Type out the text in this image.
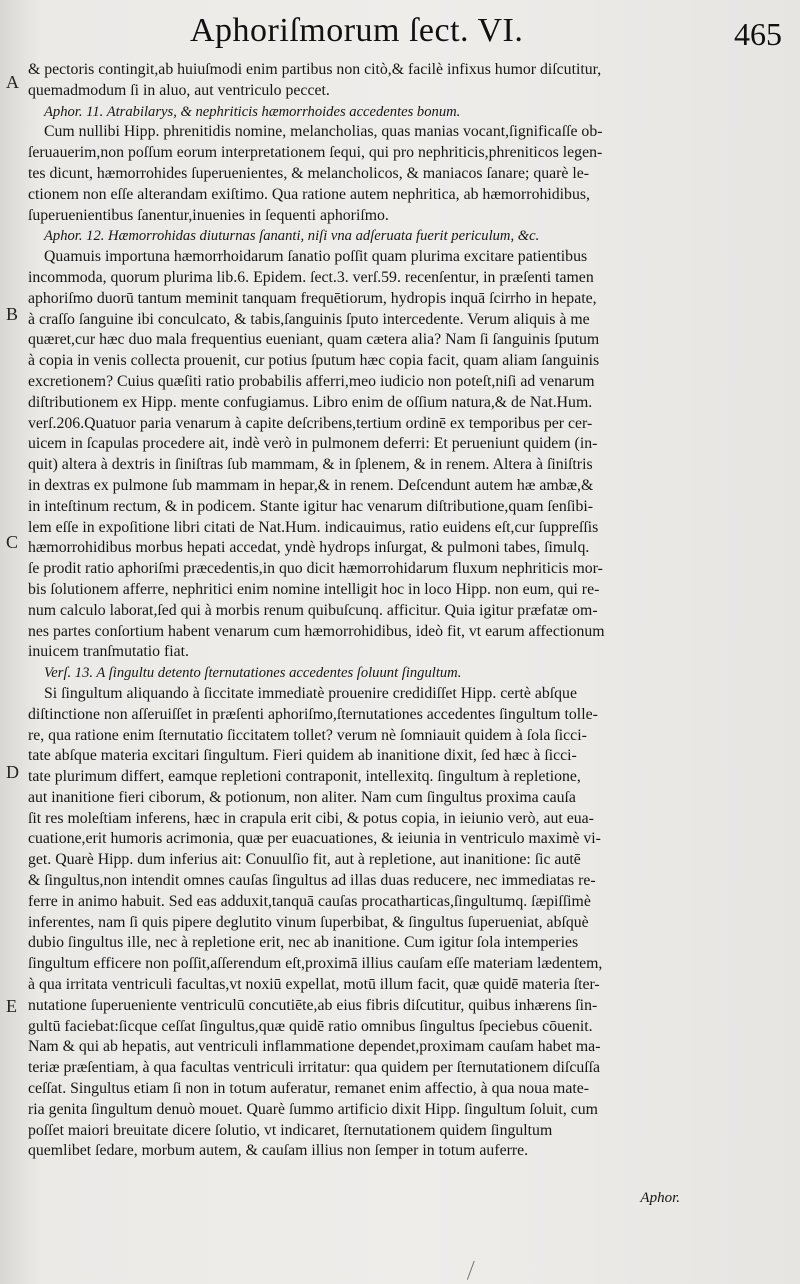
Aphoriſmorum ſect. VI.	465
A
B
C
D
E
& pectoris contingit,ab huiuſmodi enim partibus non citò,& facilè infixus humor diſcutitur,
quemadmodum ſi in aluo, aut ventriculo peccet.
Aphor. 11. Atrabilarys, & nephriticis hæmorrhoides accedentes bonum.
Cum nullibi Hipp. phrenitidis nomine, melancholias, quas manias vocant,ſignificaſſe ob-
ſeruauerim,non poſſum eorum interpretationem ſequi, qui pro nephriticis,phreniticos legen-
tes dicunt, hæmorrohides ſuperuenientes, & melancholicos, & maniacos ſanare; quarè le-
ctionem non eſſe alterandam exiſtimo. Qua ratione autem nephritica, ab hæmorrohidibus,
ſuperuenientibus ſanentur,inuenies in ſequenti aphoriſmo.
Aphor. 12. Hæmorrohidas diuturnas ſananti, niſi vna adſeruata fuerit periculum, &c.
Quamuis importuna hæmorrhoidarum ſanatio poſſit quam plurima excitare patientibus
incommoda, quorum plurima lib.6. Epidem. ſect.3. verſ.59. recenſentur, in præſenti tamen
aphoriſmo duorū tantum meminit tanquam frequētiorum, hydropis inquā ſcirrho in hepate,
à craſſo ſanguine ibi conculcato, & tabis,ſanguinis ſputo intercedente. Verum aliquis à me
quæret,cur hæc duo mala frequentius eueniant, quam cætera alia? Nam ſi ſanguinis ſputum
à copia in venis collecta prouenit, cur potius ſputum hæc copia facit, quam aliam ſanguinis
excretionem? Cuius quæſiti ratio probabilis afferri,meo iudicio non poteſt,niſi ad venarum
diſtributionem ex Hipp. mente confugiamus. Libro enim de oſſium natura,& de Nat.Hum.
verſ.206.Quatuor paria venarum à capite deſcribens,tertium ordinē ex temporibus per cer-
uicem in ſcapulas procedere ait, indè verò in pulmonem deferri: Et perueniunt quidem (in-
quit) altera à dextris in ſiniſtras ſub mammam, & in ſplenem, & in renem. Altera à ſiniſtris
in dextras ex pulmone ſub mammam in hepar,& in renem. Deſcendunt autem hæ ambæ,&
in inteſtinum rectum, & in podicem. Stante igitur hac venarum diſtributione,quam ſenſibi-
lem eſſe in expoſitione libri citati de Nat.Hum. indicauimus, ratio euidens eſt,cur ſuppreſſis
hæmorrohidibus morbus hepati accedat, yndè hydrops inſurgat, & pulmoni tabes, ſimulq.
ſe prodit ratio aphoriſmi præcedentis,in quo dicit hæmorrohidarum fluxum nephriticis mor-
bis ſolutionem afferre, nephritici enim nomine intelligit hoc in loco Hipp. non eum, qui re-
num calculo laborat,ſed qui à morbis renum quibuſcunq. afficitur. Quia igitur præfatæ om-
nes partes conſortium habent venarum cum hæmorrohidibus, ideò fit, vt earum affectionum
inuicem tranſmutatio fiat.
Verſ. 13. A ſingultu detento ſternutationes accedentes ſoluunt ſingultum.
Si ſingultum aliquando à ſiccitate immediatè prouenire credidiſſet Hipp. certè abſque
diſtinctione non aſſeruiſſet in præſenti aphoriſmo,ſternutationes accedentes ſingultum tolle-
re, qua ratione enim ſternutatio ſiccitatem tollet? verum nè ſomniauit quidem à ſola ſicci-
tate abſque materia excitari ſingultum. Fieri quidem ab inanitione dixit, ſed hæc à ſicci-
tate plurimum differt, eamque repletioni contraponit, intellexitq. ſingultum à repletione,
aut inanitione fieri ciborum, & potionum, non aliter. Nam cum ſingultus proxima cauſa
ſit res moleſtiam inferens, hæc in crapula erit cibi, & potus copia, in ieiunio verò, aut eua-
cuatione,erit humoris acrimonia, quæ per euacuationes, & ieiunia in ventriculo maximè vi-
get. Quarè Hipp. dum inferius ait: Conuulſio fit, aut à repletione, aut inanitione: ſic autē
& ſingultus,non intendit omnes cauſas ſingultus ad illas duas reducere, nec immediatas re-
ferre in animo habuit. Sed eas adduxit,tanquā cauſas procatharticas,ſingultumq. ſæpiſſimè
inferentes, nam ſi quis pipere deglutito vinum ſuperbibat, & ſingultus ſuperueniat, abſquè
dubio ſingultus ille, nec à repletione erit, nec ab inanitione. Cum igitur ſola intemperies
ſingultum efficere non poſſit,aſſerendum eſt,proximā illius cauſam eſſe materiam lædentem,
à qua irritata ventriculi facultas,vt noxiū expellat, motū illum facit, quæ quidē materia ſter-
nutatione ſuperueniente ventriculū concutiēte,ab eius fibris diſcutitur, quibus inhærens ſin-
gultū faciebat:ſicque ceſſat ſingultus,quæ quidē ratio omnibus ſingultus ſpeciebus cōuenit.
Nam & qui ab hepatis, aut ventriculi inflammatione dependet,proximam cauſam habet ma-
teriæ præſentiam, à qua facultas ventriculi irritatur: qua quidem per ſternutationem diſcuſſa
ceſſat. Singultus etiam ſi non in totum auferatur, remanet enim affectio, à qua noua mate-
ria genita ſingultum denuò mouet. Quarè ſummo artificio dixit Hipp. ſingultum ſoluit, cum
poſſet maiori breuitate dicere ſolutio, vt indicaret, ſternutationem quidem ſingultum
quemlibet ſedare, morbum autem, & cauſam illius non ſemper in totum auferre.
Aphor.
